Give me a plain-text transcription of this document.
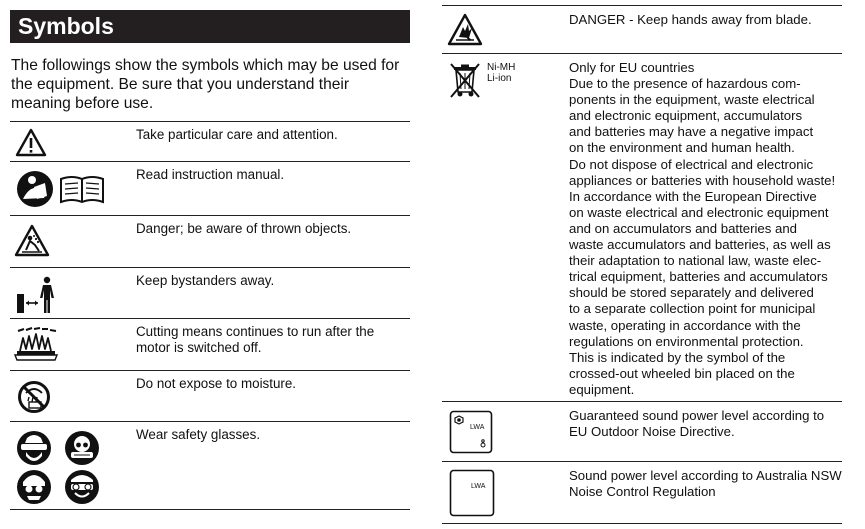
Symbols
The followings show the symbols which may be used for the equipment. Be sure that you understand their meaning before use.
Take particular care and attention.
Read instruction manual.
Danger; be aware of thrown objects.
Keep bystanders away.
Cutting means continues to run after the motor is switched off.
Do not expose to moisture.
Wear safety glasses.
DANGER - Keep hands away from blade.
Ni-MH
Li-ion
Only for EU countries
Due to the presence of hazardous com-
ponents in the equipment, waste electrical
and electronic equipment, accumulators
and batteries may have a negative impact
on the environment and human health.
Do not dispose of electrical and electronic
appliances or batteries with household waste!
In accordance with the European Directive
on waste electrical and electronic equipment
and on accumulators and batteries and
waste accumulators and batteries, as well as
their adaptation to national law, waste elec-
trical equipment, batteries and accumulators
should be stored separately and delivered
to a separate collection point for municipal
waste, operating in accordance with the
regulations on environmental protection.
This is indicated by the symbol of the
crossed-out wheeled bin placed on the
equipment.
LWA
Guaranteed sound power level according to EU Outdoor Noise Directive.
LWA
Sound power level according to Australia NSW Noise Control Regulation
